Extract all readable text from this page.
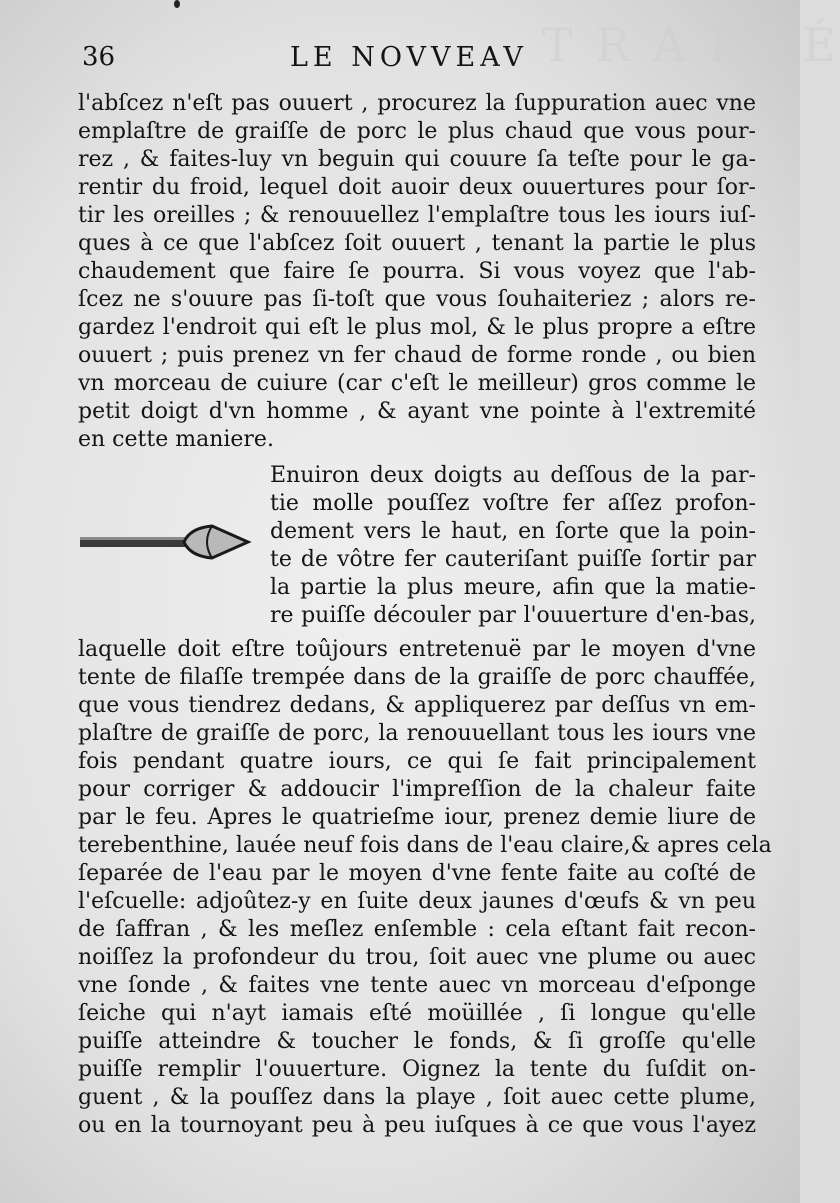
T R A I T É
36	LE NOVVEAV
l'abſcez n'eſt pas ouuert , procurez la ſuppuration auec vne
emplaſtre de graiſſe de porc le plus chaud que vous pour-
rez , & faites-luy vn beguin qui couure ſa teſte pour le ga-
rentir du froid, lequel doit auoir deux ouuertures pour ſor-
tir les oreilles ; & renouuellez l'emplaſtre tous les iours iuſ-
ques à ce que l'abſcez ſoit ouuert , tenant la partie le plus
chaudement que faire ſe pourra. Si vous voyez que l'ab-
ſcez ne s'ouure pas ſi-toſt que vous ſouhaiteriez ; alors re-
gardez l'endroit qui eſt le plus mol, & le plus propre a eſtre
ouuert ; puis prenez vn fer chaud de forme ronde , ou bien
vn morceau de cuiure (car c'eſt le meilleur) gros comme le
petit doigt d'vn homme , & ayant vne pointe à l'extremité
en cette maniere.
Enuiron deux doigts au deſſous de la par-
tie molle pouſſez voſtre fer aſſez profon-
dement vers le haut, en ſorte que la poin-
te de vôtre fer cauteriſant puiſſe ſortir par
la partie la plus meure, afin que la matie-
re puiſſe découler par l'ouuerture d'en-bas,
laquelle doit eſtre toûjours entretenuë par le moyen d'vne
tente de filaſſe trempée dans de la graiſſe de porc chauffée,
que vous tiendrez dedans, & appliquerez par deſſus vn em-
plaſtre de graiſſe de porc, la renouuellant tous les iours vne
fois pendant quatre iours, ce qui ſe fait principalement
pour corriger & addoucir l'impreſſion de la chaleur faite
par le feu. Apres le quatrieſme iour, prenez demie liure de
terebenthine, lauée neuf fois dans de l'eau claire,& apres cela
ſeparée de l'eau par le moyen d'vne fente faite au coſté de
l'eſcuelle: adjoûtez-y en ſuite deux jaunes d'œufs & vn peu
de ſaffran , & les meſlez enſemble : cela eſtant fait recon-
noiſſez la profondeur du trou, ſoit auec vne plume ou auec
vne ſonde , & faites vne tente auec vn morceau d'eſponge
ſeiche qui n'ayt iamais eſté moüillée , ſi longue qu'elle
puiſſe atteindre & toucher le fonds, & ſi groſſe qu'elle
puiſſe remplir l'ouuerture. Oignez la tente du ſuſdit on-
guent , & la pouſſez dans la playe , ſoit auec cette plume,
ou en la tournoyant peu à peu iuſques à ce que vous l'ayez
